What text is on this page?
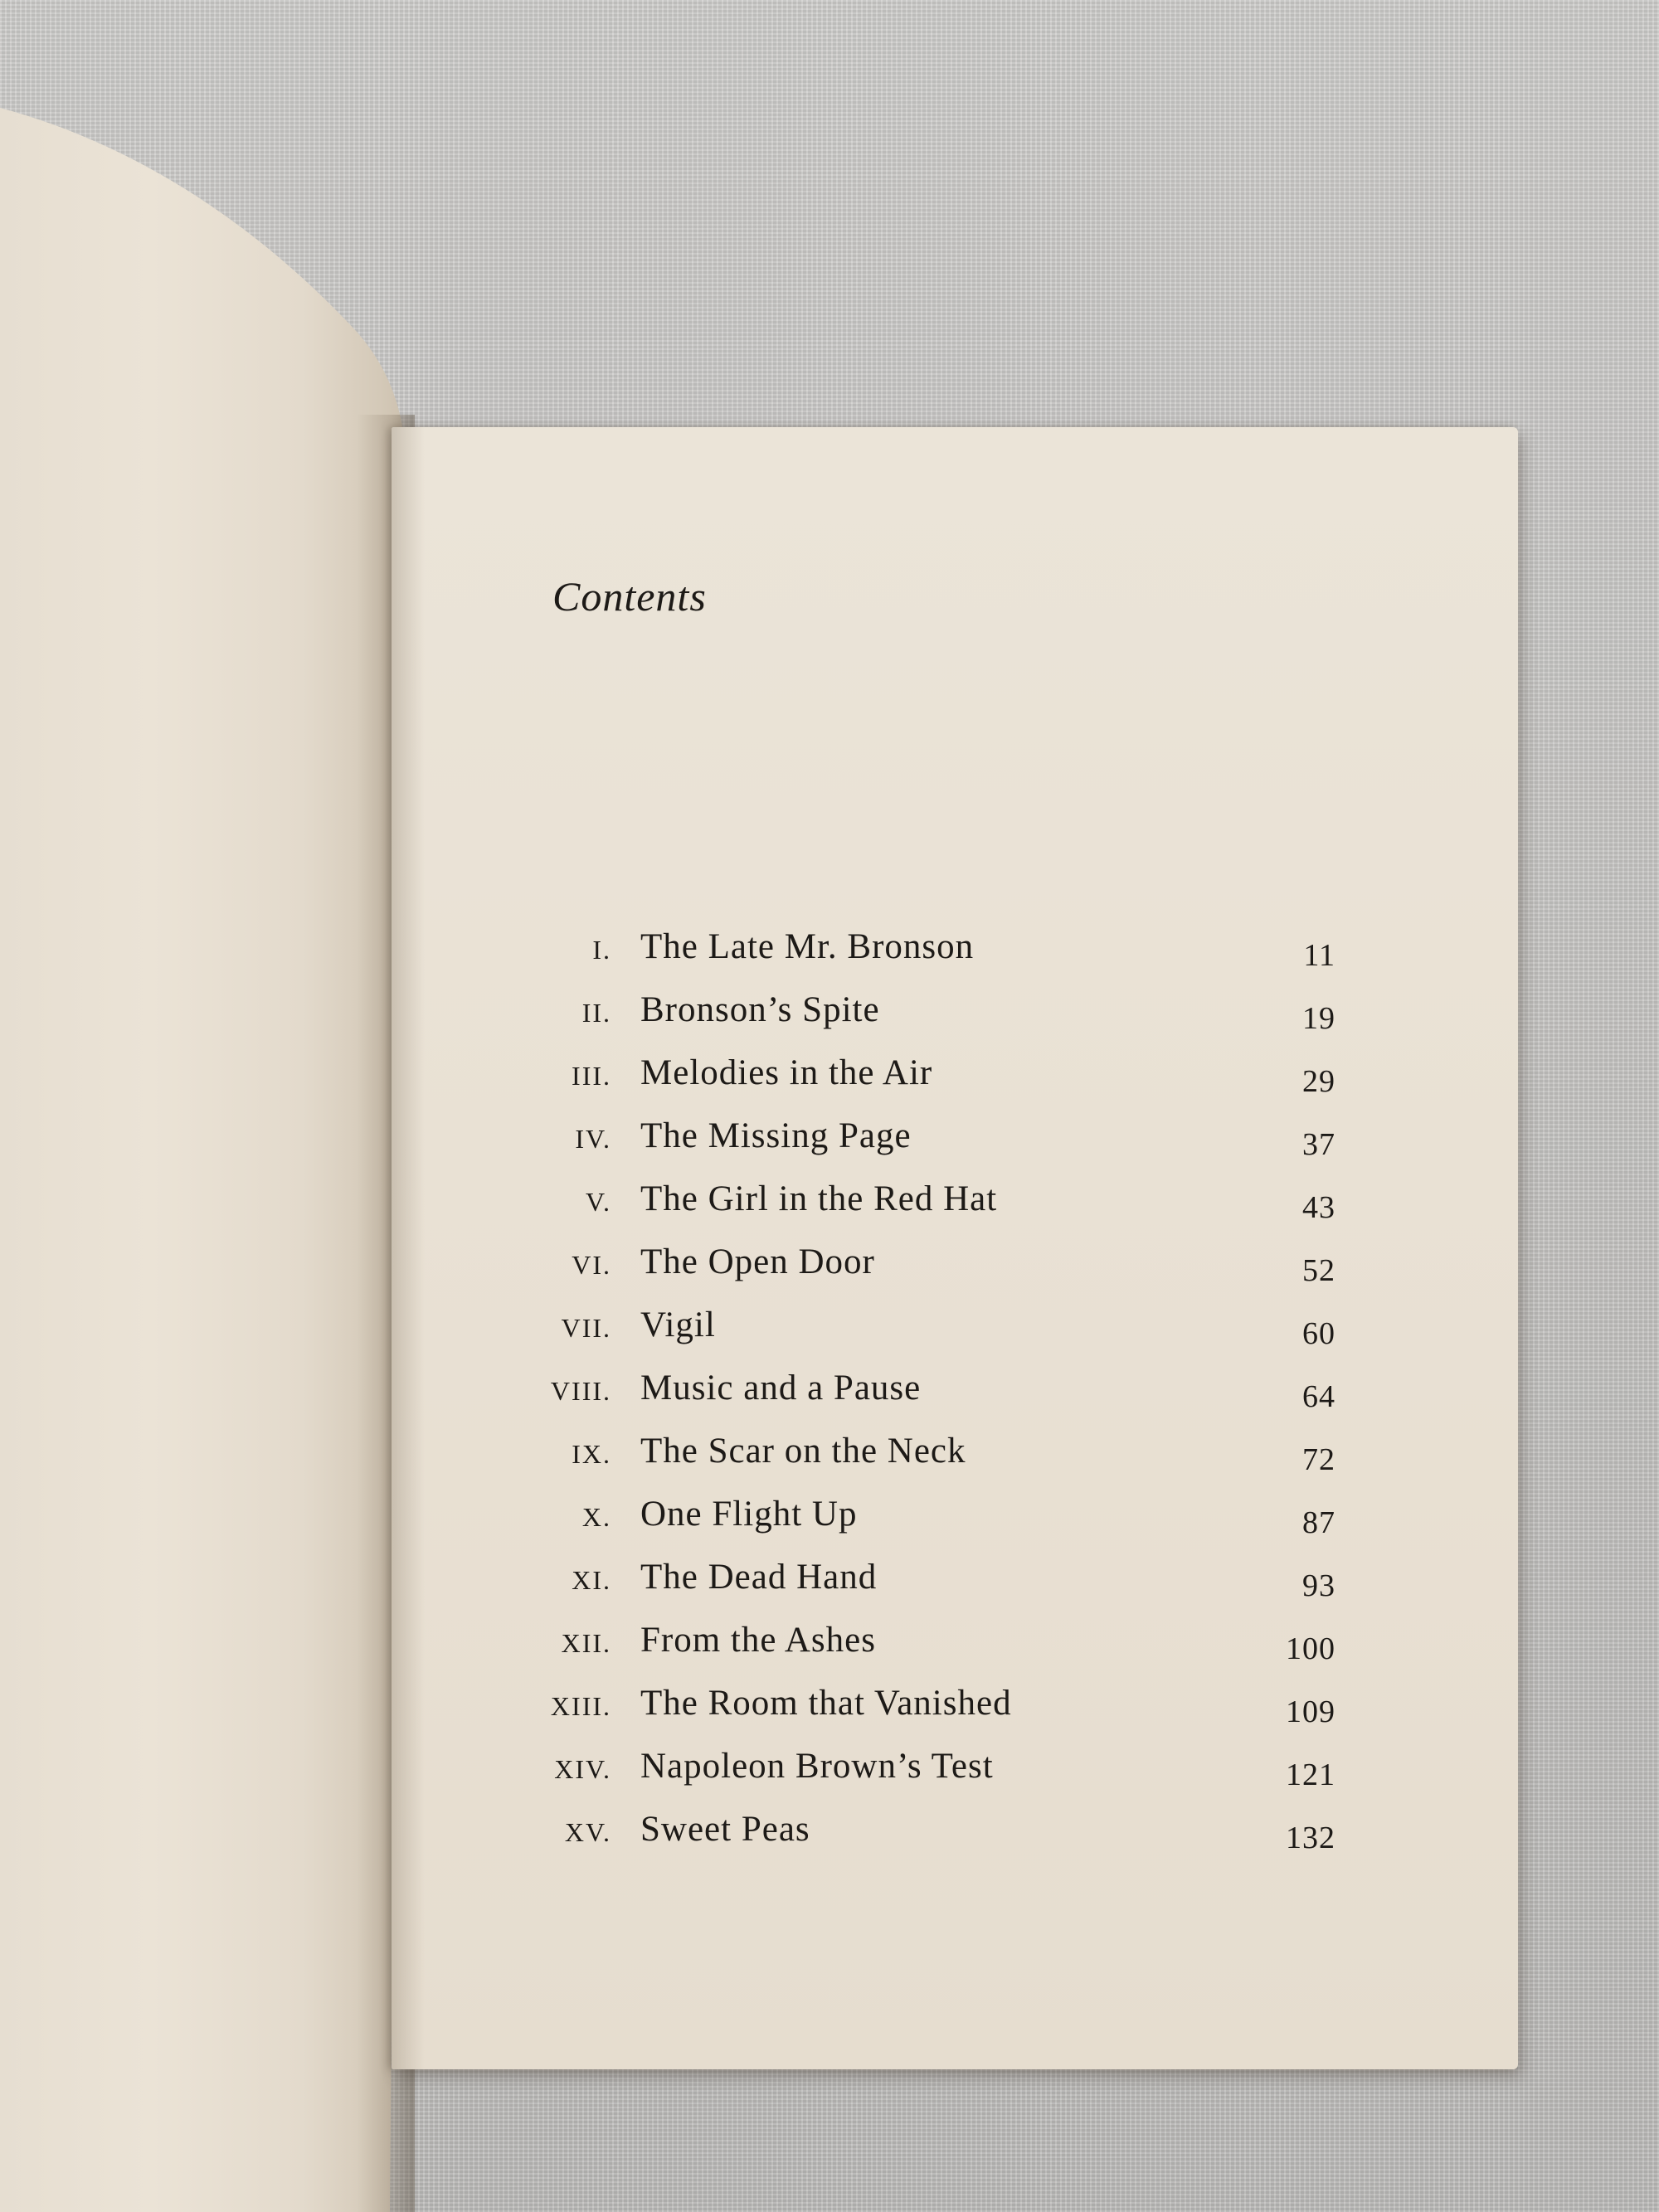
Contents
I. The Late Mr. Bronson	11
II. Bronson’s Spite	19
III. Melodies in the Air	29
IV. The Missing Page	37
V. The Girl in the Red Hat	43
VI. The Open Door	52
VII. Vigil	60
VIII. Music and a Pause	64
IX. The Scar on the Neck	72
X. One Flight Up	87
XI. The Dead Hand	93
XII. From the Ashes	100
XIII. The Room that Vanished	109
XIV. Napoleon Brown’s Test	121
XV. Sweet Peas	132
